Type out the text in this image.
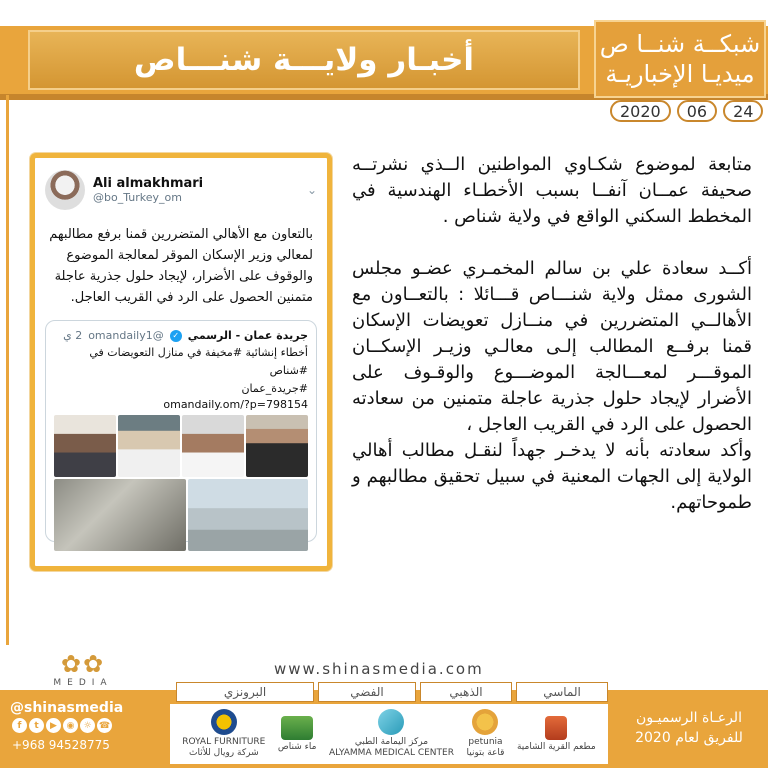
أخبـار ولايـــة شنـــاص	شبكــة شنــا ص
ميديـا الإخباريـة
2020	06	24
Ali almakhmari
@bo_Turkey_om
⌄
بالتعاون مع الأهالي المتضررين قمنا برفع مطالبهم لمعالي وزير الإسكان الموقر لمعالجة الموضوع والوقوف على الأضرار، لإيجاد حلول جذرية عاجلة متمنين الحصول على الرد في القريب العاجل.
جريدة عمان - الرسمي
✓
@omandaily1
2 ي
أخطاء إنشائية #مخيفة في منازل التعويضات في
#شناص
#جريدة_عمان
omandaily.om/?p=798154

متابعة لموضوع شكـاوي المواطنين الــذي نشرتــه صحيفة عمــان آنفــا بسبب الأخطـاء الهندسية في المخطط السكني الواقع في ولاية شناص .

أكــد سعادة علي بن سالم المخمـري عضـو مجلس الشورى ممثل ولاية شنـــاص قـــائلا : بالتعــاون مع الأهالــي المتضررين في منــازل تعويضات الإسكان قمنا برفــع المطالب إلـى معالـي وزيـر الإسكــان الموقـــر لمعـــالجة الموضـــوع والوقـوف على الأضرار لإيجاد حلول جذرية عاجلة متمنين من سعادته الحصول على الرد في القريب العاجل ،

وأكد سعادته بأنه لا يدخـر جهداً لنقـل مطالب أهالي الولاية إلى الجهات المعنية في سبيل تحقيق مطالبهم و طموحاتهم.

✿✿
MEDIA
www.shinasmedia.com
@shinasmedia
f	t	▶	◉	☼ ☎
+968 94528775
الماسي
الذهبي
الفضي
البرونزي
ROYAL FURNITURE
شركة رويال للأثاث
ماء شناص	مركز اليمامة الطبي
ALYAMMA MEDICAL CENTER
petunia
قاعة بتونيا
مطعم القرية الشامية
الرعـاة الرسميـون
للفريق لعام 2020
